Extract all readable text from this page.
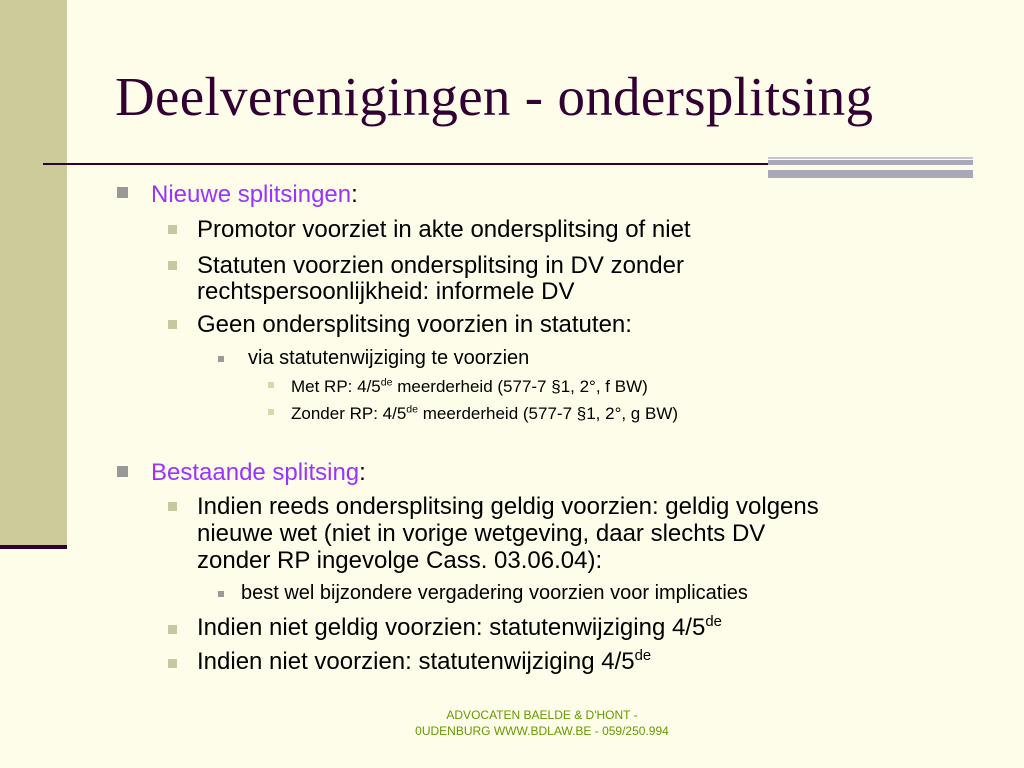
Deelverenigingen - ondersplitsing
Nieuwe splitsingen:
Promotor voorziet in akte ondersplitsing of niet
Statuten voorzien ondersplitsing in DV zonder
rechtspersoonlijkheid: informele DV
Geen ondersplitsing voorzien in statuten:
via statutenwijziging te voorzien
Met RP: 4/5de meerderheid (577-7 §1, 2°, f BW)
Zonder RP: 4/5de meerderheid (577-7 §1, 2°, g BW)
Bestaande splitsing:
Indien reeds ondersplitsing geldig voorzien: geldig volgens
nieuwe wet (niet in vorige wetgeving, daar slechts DV
zonder RP ingevolge Cass. 03.06.04):
best wel bijzondere vergadering voorzien voor implicaties
Indien niet geldig voorzien: statutenwijziging 4/5de
Indien niet voorzien: statutenwijziging 4/5de
ADVOCATEN BAELDE & D'HONT -
0UDENBURG WWW.BDLAW.BE - 059/250.994
